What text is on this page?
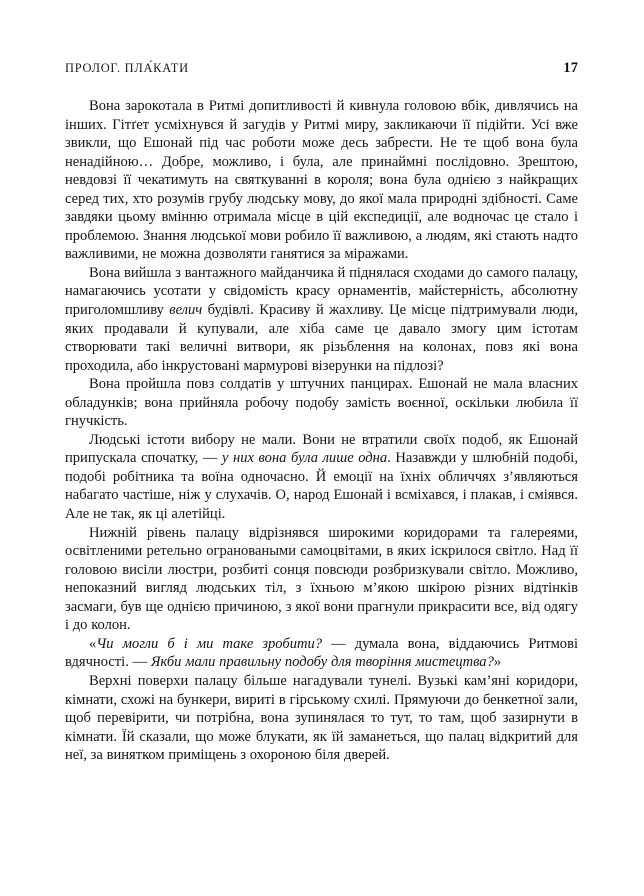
ПРОЛОГ. ПЛА́КАТИ	17

Вона зарокотала в Ритмі допитливості й кивнула головою вбік, дивлячись на інших. Гітґет усміхнувся й загудів у Ритмі миру, закликаючи її підійти. Усі вже звикли, що Ешонай під час роботи може десь забрести. Не те щоб вона була ненадійною… Добре, можливо, і була, але принаймні послідовно. Зрештою, невдовзі її чекатимуть на святкуванні в короля; вона була однією з найкращих серед тих, хто розумів грубу людську мову, до якої мала природні здібності. Саме завдяки цьому вмінню отримала місце в цій експедиції, але водночас це стало і проблемою. Знання людської мови робило її важливою, а людям, які стають надто важливими, не можна дозволяти ганятися за міражами.

Вона вийшла з вантажного майданчика й піднялася сходами до самого палацу, намагаючись усотати у свідомість красу орнаментів, майстерність, абсолютну приголомшливу велич будівлі. Красиву й жахливу. Це місце підтримували люди, яких продавали й купували, але хіба саме це давало змогу цим істотам створювати такі величні витвори, як різьблення на колонах, повз які вона проходила, або інкрустовані мармурові візерунки на підлозі?

Вона пройшла повз солдатів у штучних панцирах. Ешонай не мала власних обладунків; вона прийняла робочу подобу замість воєнної, оскільки любила її гнучкість.

Людські істоти вибору не мали. Вони не втратили своїх подоб, як Ешонай припускала спочатку, — у них вона була лише одна. Назавжди у шлюбній подобі, подобі робітника та воїна одночасно. Й емоції на їхніх обличчях з’являються набагато частіше, ніж у слухачів. О, народ Ешонай і всміхався, і плакав, і сміявся. Але не так, як ці алетійці.

Нижній рівень палацу відрізнявся широкими коридорами та галереями, освітленими ретельно ограноваными самоцвітами, в яких іскрилося світло. Над її головою висіли люстри, розбиті сонця повсюди розбризкували світло. Можливо, непоказний вигляд людських тіл, з їхньою м’якою шкірою різних відтінків засмаги, був ще однією причиною, з якої вони прагнули прикрасити все, від одягу і до колон.

«Чи могли б і ми таке зробити? — думала вона, віддаючись Ритмові вдячності. — Якби мали правильну подобу для творіння мистецтва?»

Верхні поверхи палацу більше нагадували тунелі. Вузькі кам’яні коридори, кімнати, схожі на бункери, вириті в гірському схилі. Прямуючи до бенкетної зали, щоб перевірити, чи потрібна, вона зупинялася то тут, то там, щоб зазирнути в кімнати. Їй сказали, що може блукати, як їй заманеться, що палац відкритий для неї, за винятком приміщень з охороною біля дверей.
